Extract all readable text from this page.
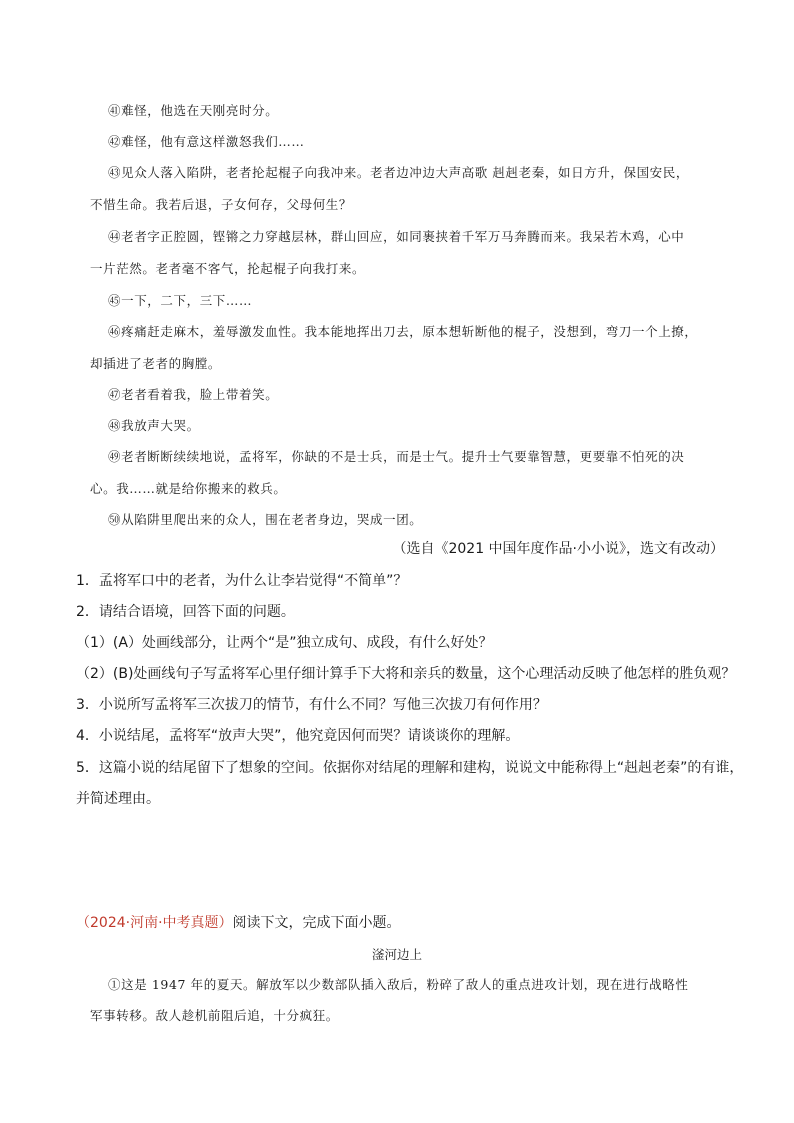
㊶难怪，他选在天刚亮时分。
㊷难怪，他有意这样激怒我们……
㊸见众人落入陷阱，老者抡起棍子向我冲来。老者边冲边大声高歌 赳赳老秦，如日方升，保国安民，
不惜生命。我若后退，子女何存，父母何生？
㊹老者字正腔圆，铿锵之力穿越层林，群山回应，如同裹挟着千军万马奔腾而来。我呆若木鸡，心中
一片茫然。老者毫不客气，抡起棍子向我打来。
㊺一下，二下，三下……
㊻疼痛赶走麻木，羞辱激发血性。我本能地挥出刀去，原本想斩断他的棍子，没想到，弯刀一个上撩，
却插进了老者的胸膛。
㊼老者看着我，脸上带着笑。
㊽我放声大哭。
㊾老者断断续续地说，孟将军，你缺的不是士兵，而是士气。提升士气要靠智慧，更要靠不怕死的决
心。我……就是给你搬来的救兵。
㊿从陷阱里爬出来的众人，围在老者身边，哭成一团。
（选自《2021 中国年度作品·小小说》，选文有改动）
1．孟将军口中的老者，为什么让李岩觉得“不简单”？
2．请结合语境，回答下面的问题。
（1）(A）处画线部分，让两个“是”独立成句、成段，有什么好处？
（2）(B)处画线句子写孟将军心里仔细计算手下大将和亲兵的数量，这个心理活动反映了他怎样的胜负观？
3．小说所写孟将军三次拔刀的情节，有什么不同？写他三次拔刀有何作用？
4．小说结尾，孟将军“放声大哭”，他究竟因何而哭？请谈谈你的理解。
5．这篇小说的结尾留下了想象的空间。依据你对结尾的理解和建构，说说文中能称得上“赳赳老秦”的有谁，
并简述理由。
（2024·河南·中考真题）阅读下文，完成下面小题。
滏河边上
①这是 1947 年的夏天。解放军以少数部队插入敌后，粉碎了敌人的重点进攻计划，现在进行战略性
军事转移。敌人趁机前阻后追，十分疯狂。
